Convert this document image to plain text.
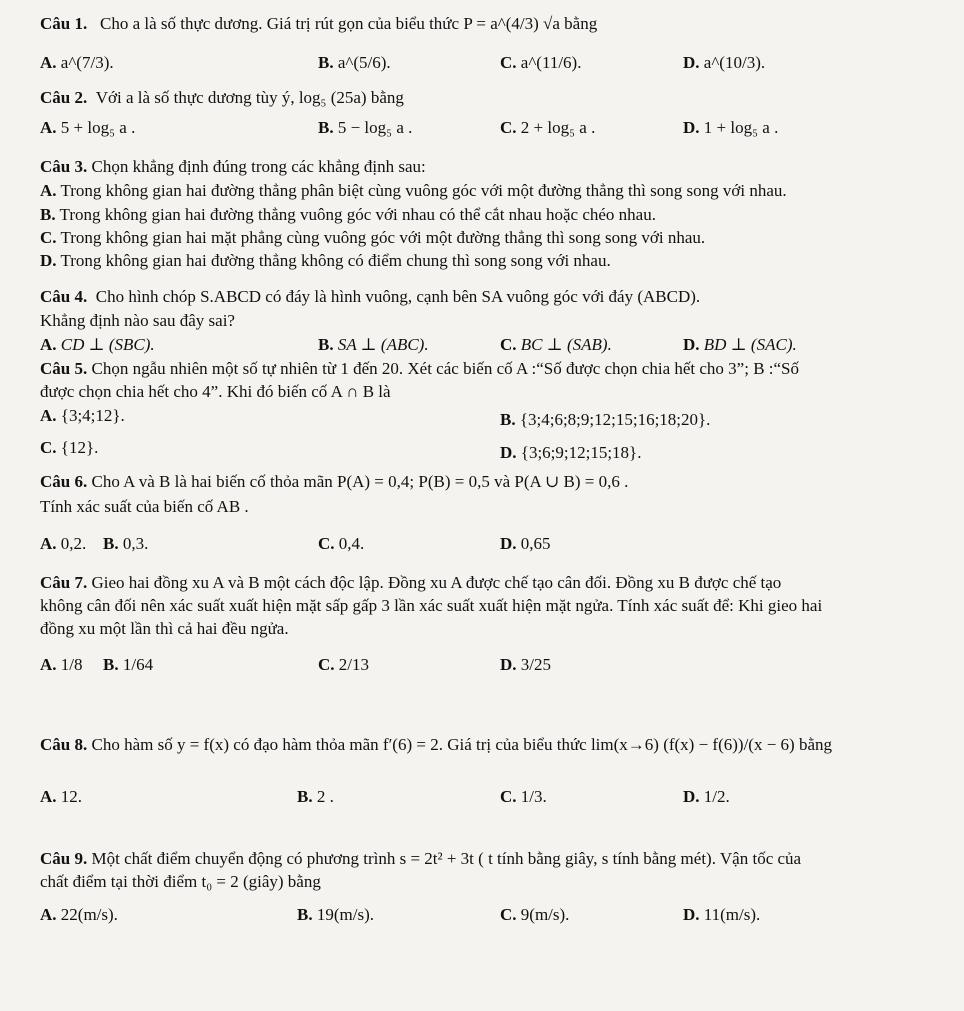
Câu 1. Cho a là số thực dương. Giá trị rút gọn của biểu thức P = a^(4/3) √a bằng
A. a^(7/3).	B. a^(5/6).	C. a^(11/6).	D. a^(10/3).
Câu 2. Với a là số thực dương tùy ý, log₅ (25a) bằng
A. 5 + log₅ a .	B. 5 − log₅ a .	C. 2 + log₅ a .	D. 1 + log₅ a .
Câu 3. Chọn khẳng định đúng trong các khẳng định sau:
A. Trong không gian hai đường thẳng phân biệt cùng vuông góc với một đường thẳng thì song song với nhau.
B. Trong không gian hai đường thẳng vuông góc với nhau có thể cắt nhau hoặc chéo nhau.
C. Trong không gian hai mặt phẳng cùng vuông góc với một đường thẳng thì song song với nhau.
D. Trong không gian hai đường thẳng không có điểm chung thì song song với nhau.
Câu 4. Cho hình chóp S.ABCD có đáy là hình vuông, cạnh bên SA vuông góc với đáy (ABCD).
Khẳng định nào sau đây sai?
A. CD ⊥ (SBC).	B. SA ⊥ (ABC).	C. BC ⊥ (SAB).	D. BD ⊥ (SAC).
Câu 5. Chọn ngẫu nhiên một số tự nhiên từ 1 đến 20. Xét các biến cố A :“Số được chọn chia hết cho 3”; B :“Số
được chọn chia hết cho 4”. Khi đó biến cố A ∩ B là
A. {3;4;12}.	B. {3;4;6;8;9;12;15;16;18;20}.
C. {12}.	D. {3;6;9;12;15;18}.
Câu 6. Cho A và B là hai biến cố thỏa mãn P(A) = 0,4; P(B) = 0,5 và P(A ∪ B) = 0,6 .
Tính xác suất của biến cố AB .
A. 0,2. B. 0,3.	C. 0,4.	D. 0,65
Câu 7. Gieo hai đồng xu A và B một cách độc lập. Đồng xu A được chế tạo cân đối. Đồng xu B được chế tạo
không cân đối nên xác suất xuất hiện mặt sấp gấp 3 lần xác suất xuất hiện mặt ngửa. Tính xác suất để: Khi gieo hai
đồng xu một lần thì cả hai đều ngửa.
A. 1/8 B. 1/64	C. 2/13	D. 3/25
Câu 8. Cho hàm số y = f(x) có đạo hàm thỏa mãn f′(6) = 2. Giá trị của biểu thức lim(x→6) (f(x) − f(6))/(x − 6) bằng
A. 12.	B. 2 .	C. 1/3.	D. 1/2.
Câu 9. Một chất điểm chuyển động có phương trình s = 2t² + 3t ( t tính bằng giây, s tính bằng mét). Vận tốc của
chất điểm tại thời điểm t₀ = 2 (giây) bằng
A. 22(m/s).	B. 19(m/s).	C. 9(m/s).	D. 11(m/s).
